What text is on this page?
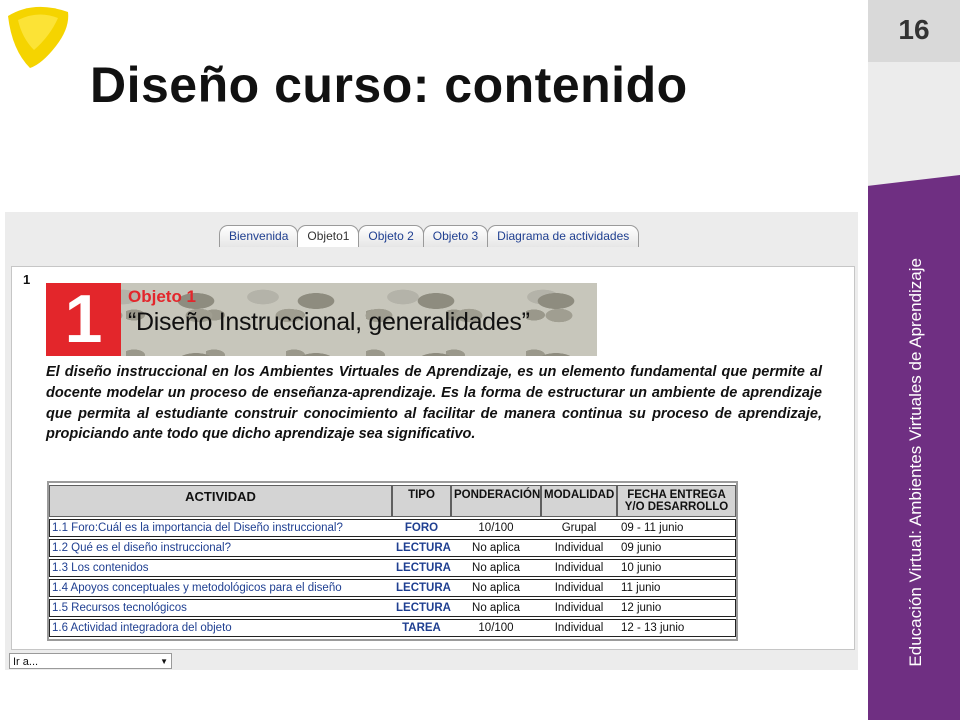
Diseño curso: contenido
16
Educación Virtual: Ambientes Virtuales de Aprendizaje
Bienvenida	Objeto1	Objeto 2	Objeto 3	Diagrama de actividades
1
1	Objeto 1
“Diseño Instruccional, generalidades”

El diseño instruccional en los Ambientes Virtuales de Aprendizaje, es un elemento fundamental que permite al docente modelar un proceso de enseñanza-aprendizaje. Es la forma de estructurar un ambiente de aprendizaje que permita al estudiante construir conocimiento al facilitar de manera continua su proceso de aprendizaje, propiciando ante todo que dicho aprendizaje sea significativo.

ACTIVIDAD	TIPO	PONDERACIÓN	MODALIDAD	FECHA ENTREGA Y/O DESARROLLO
1.1 Foro:Cuál es la importancia del Diseño instruccional?	FORO	10/100	Grupal	09 - 11 junio
1.2 Qué es el diseño instruccional?	LECTURA	No aplica	Individual	09 junio
1.3 Los contenidos	LECTURA	No aplica	Individual	10 junio
1.4 Apoyos conceptuales y metodológicos para el diseño	LECTURA	No aplica	Individual	11 junio
1.5 Recursos tecnológicos	LECTURA	No aplica	Individual	12 junio
1.6 Actividad integradora del objeto	TAREA	10/100	Individual	12 - 13 junio
Ir a...	▼
